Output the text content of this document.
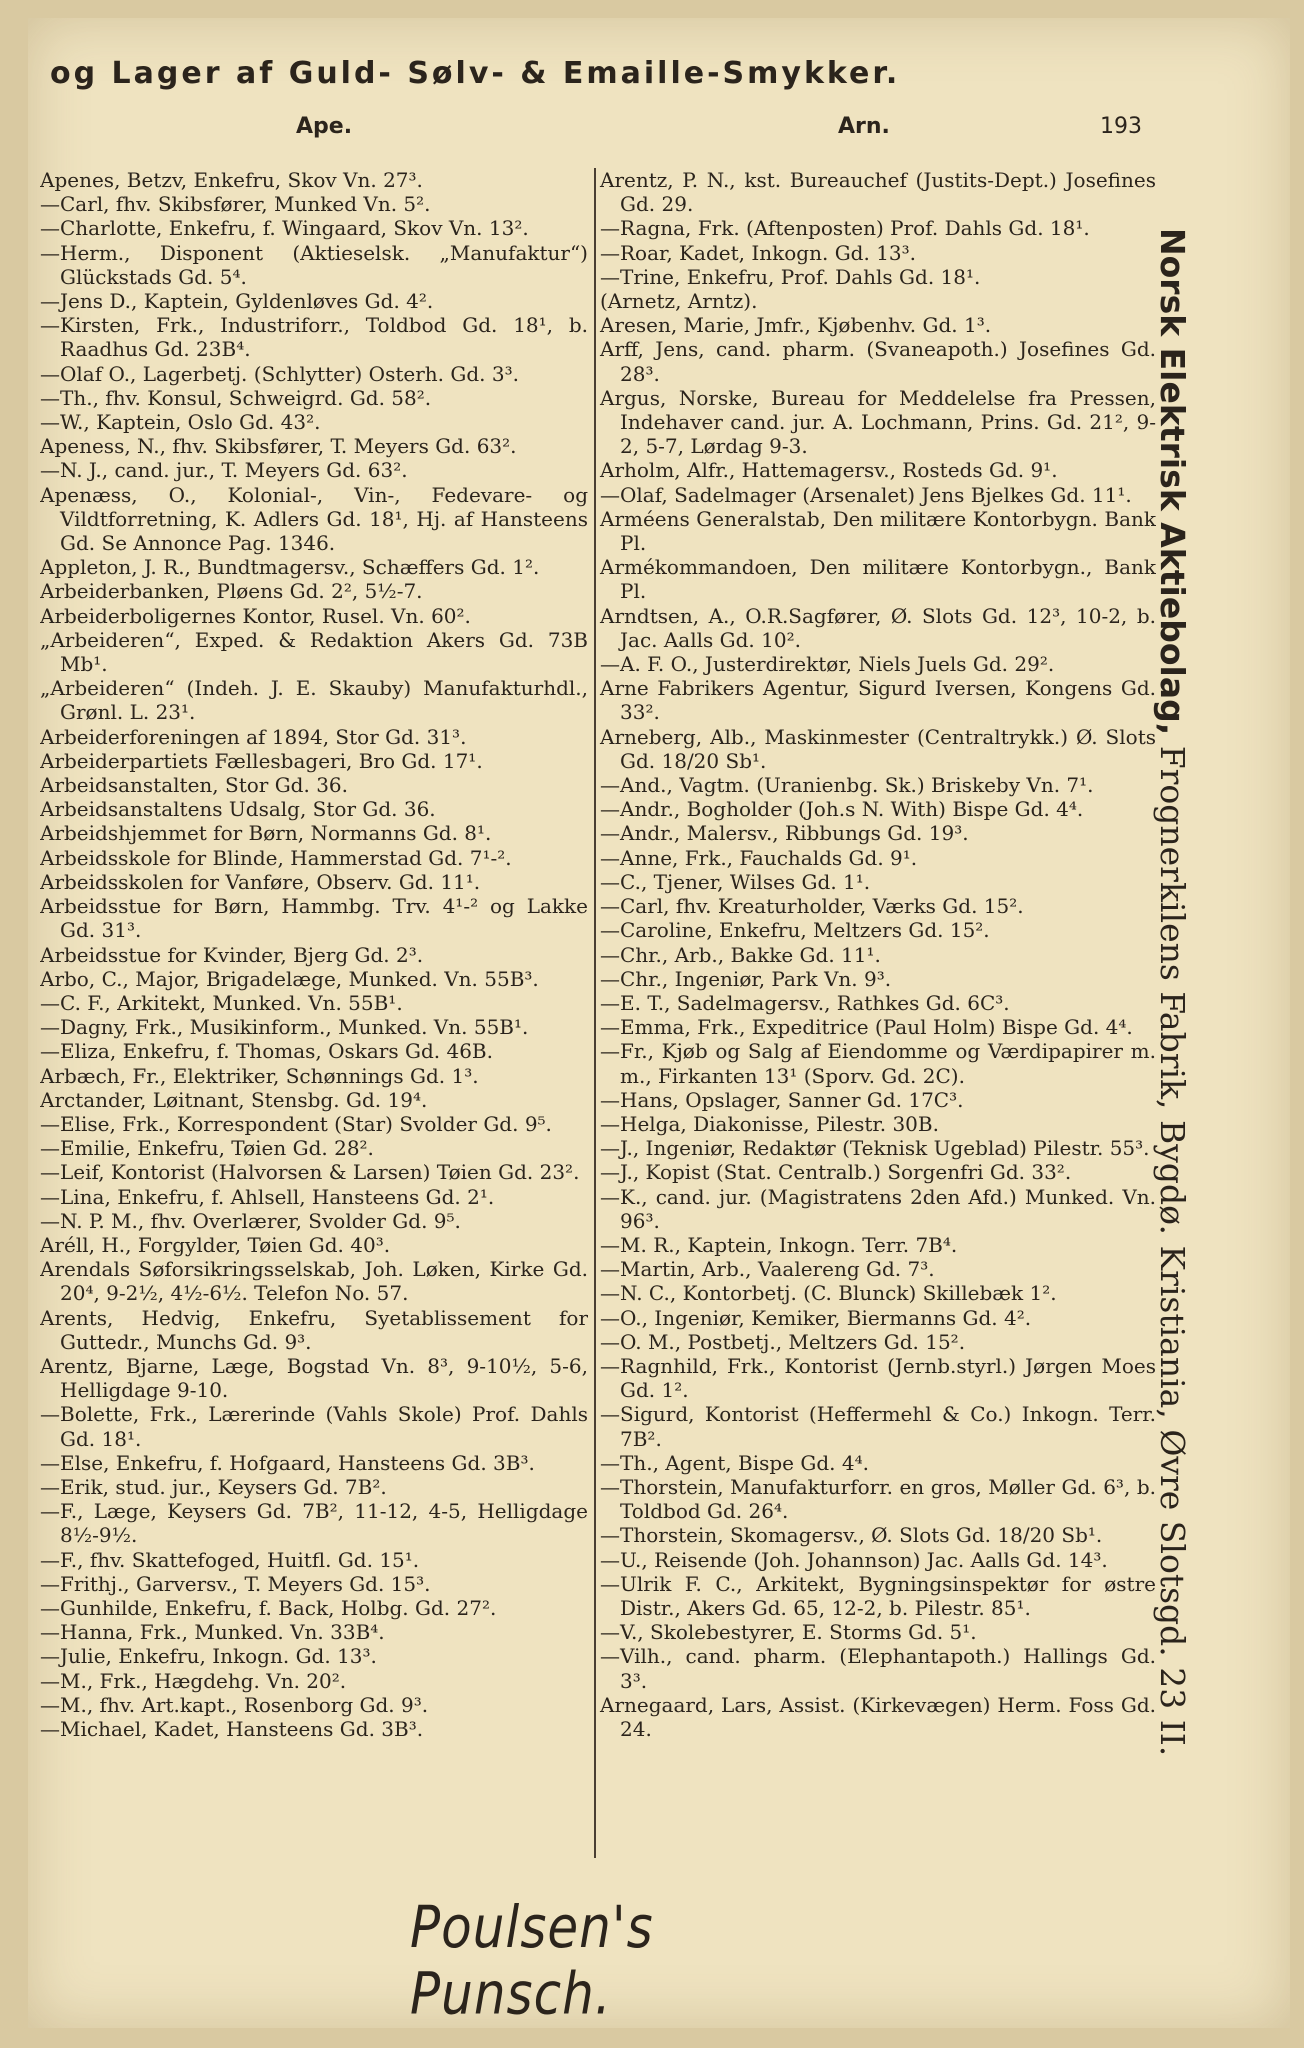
og Lager af Guld- Sølv- & Emaille-Smykker.
Ape.	Arn.	193

Apenes, Betzv, Enkefru, Skov Vn. 27³.

—Carl, fhv. Skibsfører, Munked Vn. 5².

—Charlotte, Enkefru, f. Wingaard, Skov Vn. 13².

—Herm., Disponent (Aktieselsk. „Manufaktur“) Glückstads Gd. 5⁴.

—Jens D., Kaptein, Gyldenløves Gd. 4².

—Kirsten, Frk., Industriforr., Toldbod Gd. 18¹, b. Raadhus Gd. 23B⁴.

—Olaf O., Lagerbetj. (Schlytter) Osterh. Gd. 3³.

—Th., fhv. Konsul, Schweigrd. Gd. 58².

—W., Kaptein, Oslo Gd. 43².

Apeness, N., fhv. Skibsfører, T. Meyers Gd. 63².

—N. J., cand. jur., T. Meyers Gd. 63².

Apenæss, O., Kolonial-, Vin-, Fedevare- og Vildtforretning, K. Adlers Gd. 18¹, Hj. af Hansteens Gd. Se Annonce Pag. 1346.

Appleton, J. R., Bundtmagersv., Schæffers Gd. 1².

Arbeiderbanken, Pløens Gd. 2², 5½-7.

Arbeiderboligernes Kontor, Rusel. Vn. 60².

„Arbeideren“, Exped. & Redaktion Akers Gd. 73B Mb¹.

„Arbeideren“ (Indeh. J. E. Skauby) Manufakturhdl., Grønl. L. 23¹.

Arbeiderforeningen af 1894, Stor Gd. 31³.

Arbeiderpartiets Fællesbageri, Bro Gd. 17¹.

Arbeidsanstalten, Stor Gd. 36.

Arbeidsanstaltens Udsalg, Stor Gd. 36.

Arbeidshjemmet for Børn, Normanns Gd. 8¹.

Arbeidsskole for Blinde, Hammerstad Gd. 7¹-².

Arbeidsskolen for Vanføre, Observ. Gd. 11¹.

Arbeidsstue for Børn, Hammbg. Trv. 4¹-² og Lakke Gd. 31³.

Arbeidsstue for Kvinder, Bjerg Gd. 2³.

Arbo, C., Major, Brigadelæge, Munked. Vn. 55B³.

—C. F., Arkitekt, Munked. Vn. 55B¹.

—Dagny, Frk., Musikinform., Munked. Vn. 55B¹.

—Eliza, Enkefru, f. Thomas, Oskars Gd. 46B.

Arbæch, Fr., Elektriker, Schønnings Gd. 1³.

Arctander, Løitnant, Stensbg. Gd. 19⁴.

—Elise, Frk., Korrespondent (Star) Svolder Gd. 9⁵.

—Emilie, Enkefru, Tøien Gd. 28².

—Leif, Kontorist (Halvorsen & Larsen) Tøien Gd. 23².

—Lina, Enkefru, f. Ahlsell, Hansteens Gd. 2¹.

—N. P. M., fhv. Overlærer, Svolder Gd. 9⁵.

Aréll, H., Forgylder, Tøien Gd. 40³.

Arendals Søforsikringsselskab, Joh. Løken, Kirke Gd. 20⁴, 9-2½, 4½-6½. Telefon No. 57.

Arents, Hedvig, Enkefru, Syetablissement for Guttedr., Munchs Gd. 9³.

Arentz, Bjarne, Læge, Bogstad Vn. 8³, 9-10½, 5-6, Helligdage 9-10.

—Bolette, Frk., Lærerinde (Vahls Skole) Prof. Dahls Gd. 18¹.

—Else, Enkefru, f. Hofgaard, Hansteens Gd. 3B³.

—Erik, stud. jur., Keysers Gd. 7B².

—F., Læge, Keysers Gd. 7B², 11-12, 4-5, Helligdage 8½-9½.

—F., fhv. Skattefoged, Huitfl. Gd. 15¹.

—Frithj., Garversv., T. Meyers Gd. 15³.

—Gunhilde, Enkefru, f. Back, Holbg. Gd. 27².

—Hanna, Frk., Munked. Vn. 33B⁴.

—Julie, Enkefru, Inkogn. Gd. 13³.

—M., Frk., Hægdehg. Vn. 20².

—M., fhv. Art.kapt., Rosenborg Gd. 9³.

—Michael, Kadet, Hansteens Gd. 3B³.

Arentz, P. N., kst. Bureauchef (Justits-Dept.) Josefines Gd. 29.

—Ragna, Frk. (Aftenposten) Prof. Dahls Gd. 18¹.

—Roar, Kadet, Inkogn. Gd. 13³.

—Trine, Enkefru, Prof. Dahls Gd. 18¹.

(Arnetz, Arntz).

Aresen, Marie, Jmfr., Kjøbenhv. Gd. 1³.

Arff, Jens, cand. pharm. (Svaneapoth.) Josefines Gd. 28³.

Argus, Norske, Bureau for Meddelelse fra Pressen, Indehaver cand. jur. A. Lochmann, Prins. Gd. 21², 9-2, 5-7, Lørdag 9-3.

Arholm, Alfr., Hattemagersv., Rosteds Gd. 9¹.

—Olaf, Sadelmager (Arsenalet) Jens Bjelkes Gd. 11¹.

Arméens Generalstab, Den militære Kontorbygn. Bank Pl.

Armékommandoen, Den militære Kontorbygn., Bank Pl.

Arndtsen, A., O.R.Sagfører, Ø. Slots Gd. 12³, 10-2, b. Jac. Aalls Gd. 10².

—A. F. O., Justerdirektør, Niels Juels Gd. 29².

Arne Fabrikers Agentur, Sigurd Iversen, Kongens Gd. 33².

Arneberg, Alb., Maskinmester (Centraltrykk.) Ø. Slots Gd. 18/20 Sb¹.

—And., Vagtm. (Uranienbg. Sk.) Briskeby Vn. 7¹.

—Andr., Bogholder (Joh.s N. With) Bispe Gd. 4⁴.

—Andr., Malersv., Ribbungs Gd. 19³.

—Anne, Frk., Fauchalds Gd. 9¹.

—C., Tjener, Wilses Gd. 1¹.

—Carl, fhv. Kreaturholder, Værks Gd. 15².

—Caroline, Enkefru, Meltzers Gd. 15².

—Chr., Arb., Bakke Gd. 11¹.

—Chr., Ingeniør, Park Vn. 9³.

—E. T., Sadelmagersv., Rathkes Gd. 6C³.

—Emma, Frk., Expeditrice (Paul Holm) Bispe Gd. 4⁴.

—Fr., Kjøb og Salg af Eiendomme og Værdipapirer m. m., Firkanten 13¹ (Sporv. Gd. 2C).

—Hans, Opslager, Sanner Gd. 17C³.

—Helga, Diakonisse, Pilestr. 30B.

—J., Ingeniør, Redaktør (Teknisk Ugeblad) Pilestr. 55³.

—J., Kopist (Stat. Centralb.) Sorgenfri Gd. 33².

—K., cand. jur. (Magistratens 2den Afd.) Munked. Vn. 96³.

—M. R., Kaptein, Inkogn. Terr. 7B⁴.

—Martin, Arb., Vaalereng Gd. 7³.

—N. C., Kontorbetj. (C. Blunck) Skillebæk 1².

—O., Ingeniør, Kemiker, Biermanns Gd. 4².

—O. M., Postbetj., Meltzers Gd. 15².

—Ragnhild, Frk., Kontorist (Jernb.styrl.) Jørgen Moes Gd. 1².

—Sigurd, Kontorist (Heffermehl & Co.) Inkogn. Terr. 7B².

—Th., Agent, Bispe Gd. 4⁴.

—Thorstein, Manufakturforr. en gros, Møller Gd. 6³, b. Toldbod Gd. 26⁴.

—Thorstein, Skomagersv., Ø. Slots Gd. 18/20 Sb¹.

—U., Reisende (Joh. Johannson) Jac. Aalls Gd. 14³.

—Ulrik F. C., Arkitekt, Bygningsinspektør for østre Distr., Akers Gd. 65, 12-2, b. Pilestr. 85¹.

—V., Skolebestyrer, E. Storms Gd. 5¹.

—Vilh., cand. pharm. (Elephantapoth.) Hallings Gd. 3³.

Arnegaard, Lars, Assist. (Kirkevægen) Herm. Foss Gd. 24.

Norsk Elektrisk Aktiebolag, Frognerkilens Fabrik, Bygdø. Kristiania, Øvre Slotsgd. 23 II.
Poulsen's Punsch.
